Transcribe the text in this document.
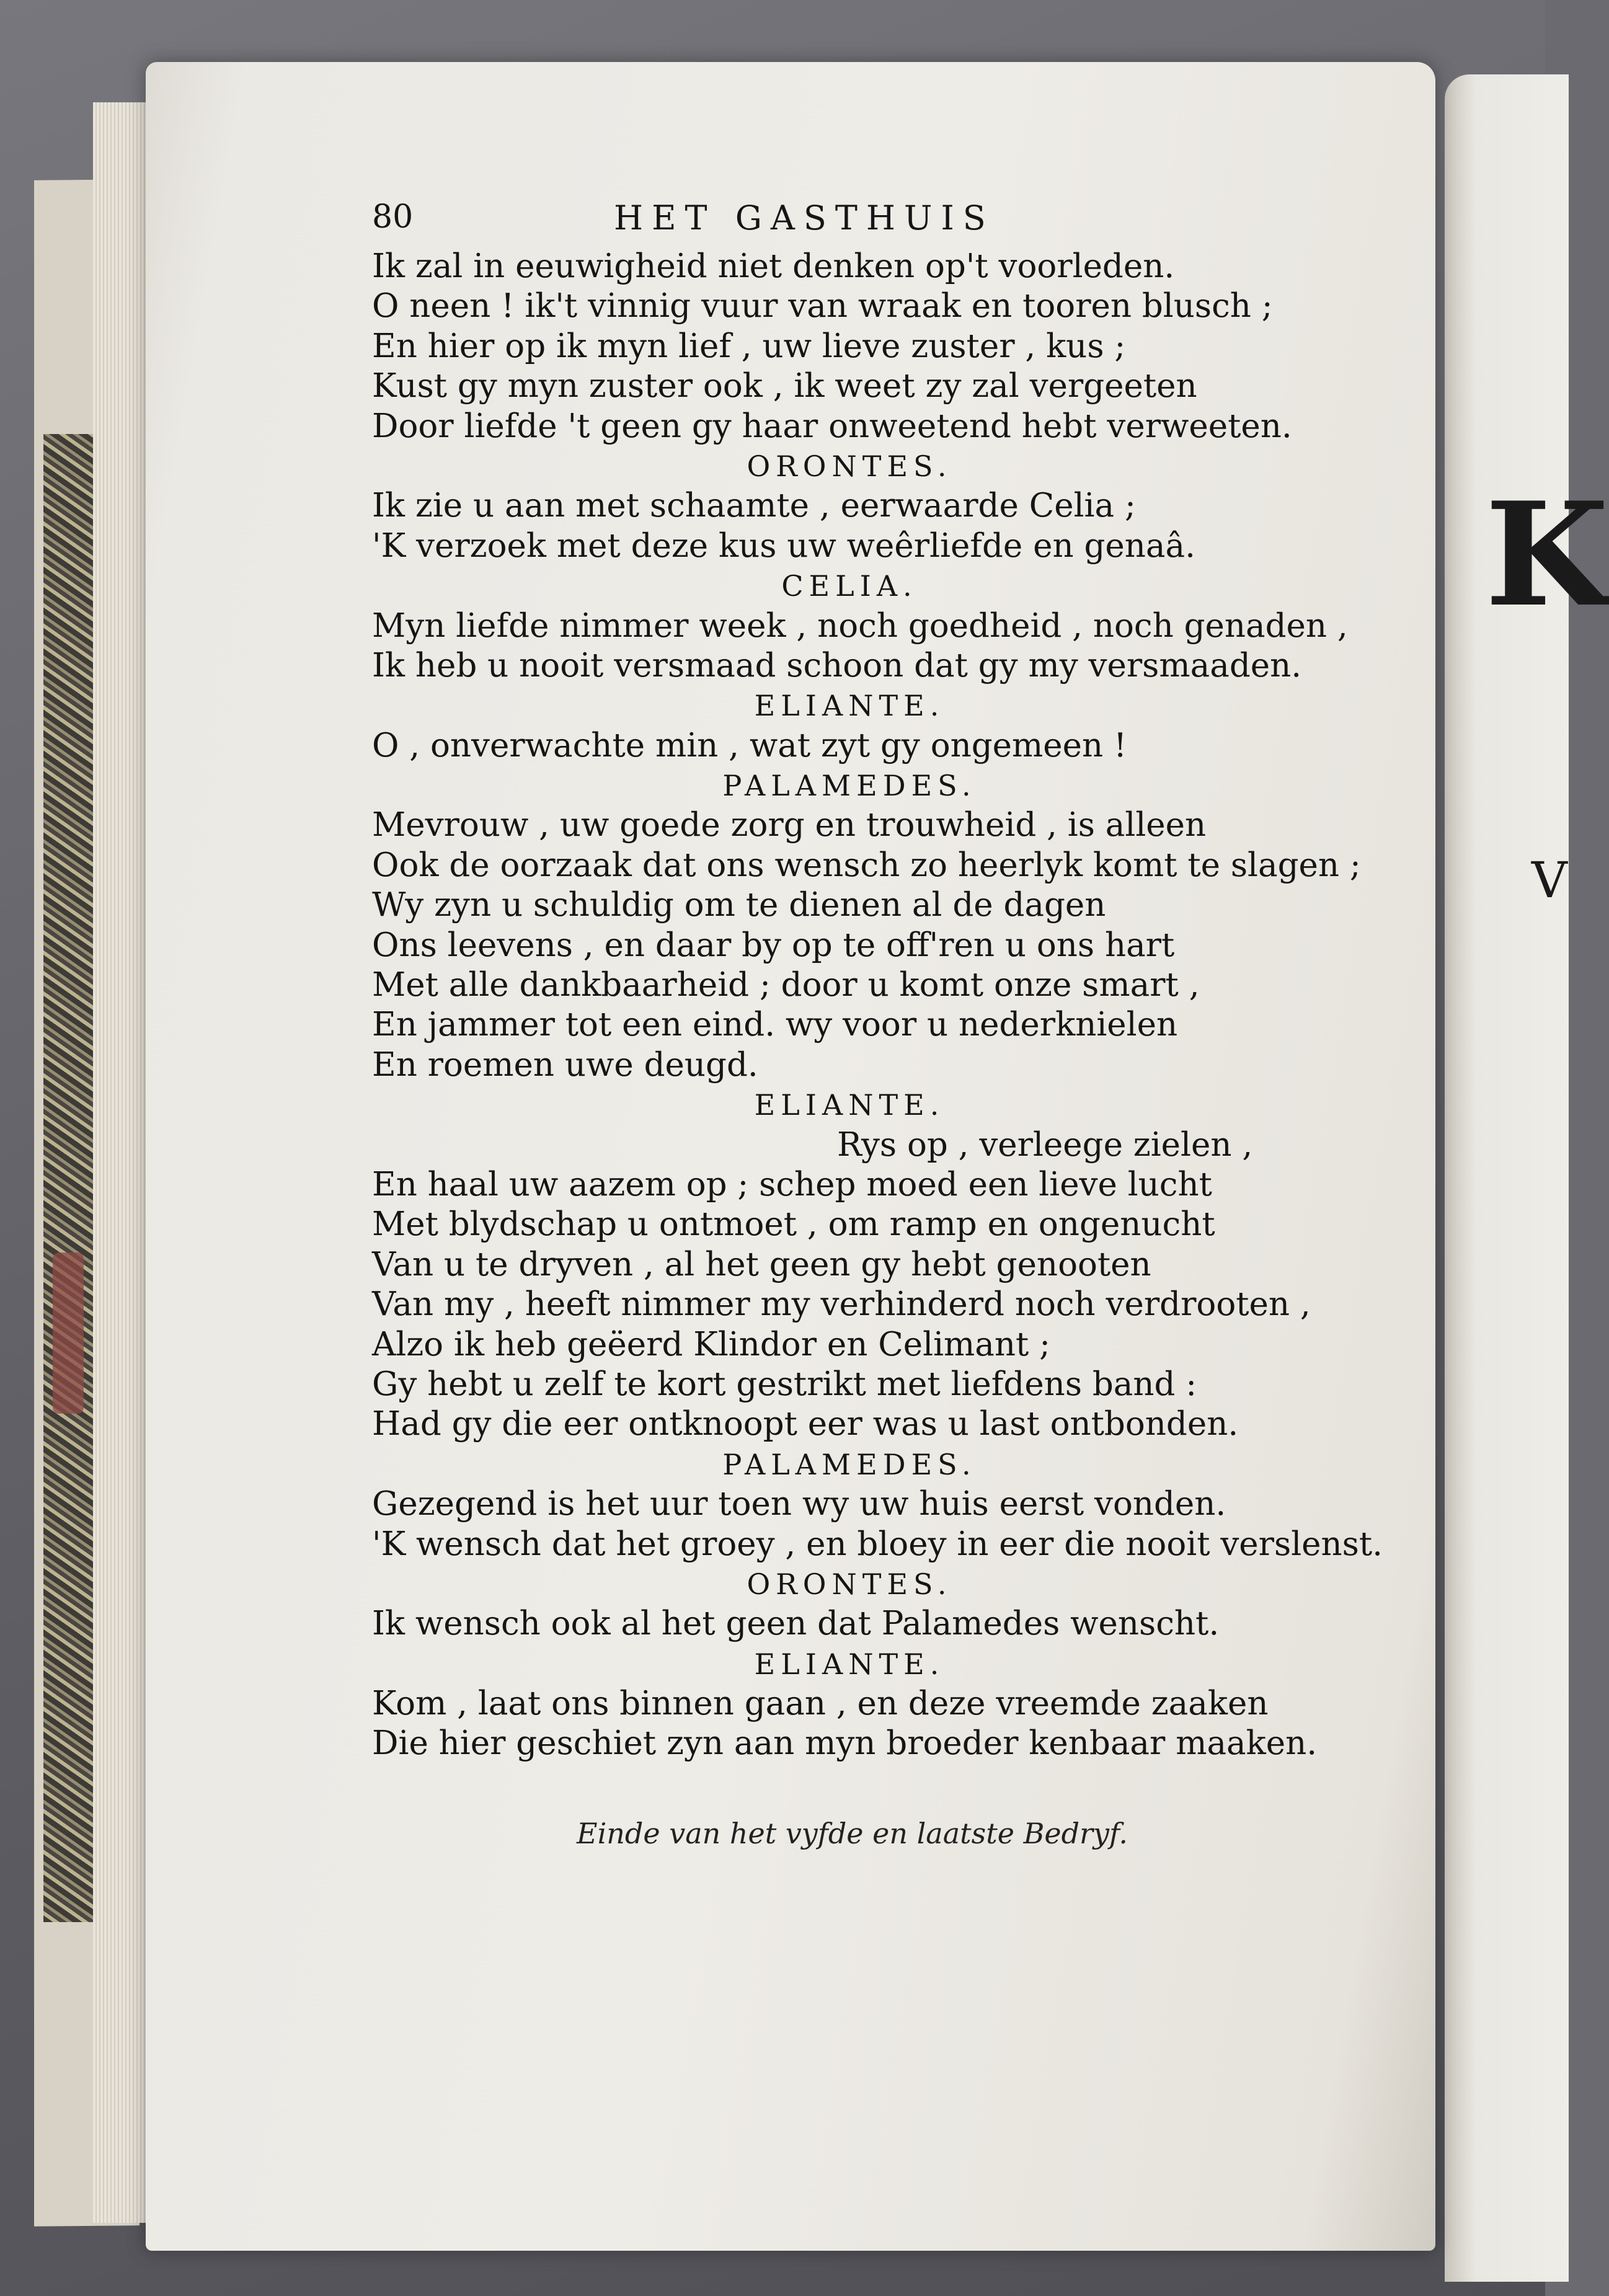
K
V
80	HET GASTHUIS
Ik zal in eeuwigheid niet denken op't voorleden.
O neen ! ik't vinnig vuur van wraak en tooren blusch ;
En hier op ik myn lief , uw lieve zuster , kus ;
Kust gy myn zuster ook , ik weet zy zal vergeeten
Door liefde 't geen gy haar onweetend hebt verweeten.
ORONTES.
Ik zie u aan met schaamte , eerwaarde Celia ;
'K verzoek met deze kus uw weêrliefde en genaâ.
CELIA.
Myn liefde nimmer week , noch goedheid , noch genaden ,
Ik heb u nooit versmaad schoon dat gy my versmaaden.
ELIANTE.
O , onverwachte min , wat zyt gy ongemeen !
PALAMEDES.
Mevrouw , uw goede zorg en trouwheid , is alleen
Ook de oorzaak dat ons wensch zo heerlyk komt te slagen ;
Wy zyn u schuldig om te dienen al de dagen
Ons leevens , en daar by op te off'ren u ons hart
Met alle dankbaarheid ; door u komt onze smart ,
En jammer tot een eind. wy voor u nederknielen
En roemen uwe deugd.
ELIANTE.
Rys op , verleege zielen ,
En haal uw aazem op ; schep moed een lieve lucht
Met blydschap u ontmoet , om ramp en ongenucht
Van u te dryven , al het geen gy hebt genooten
Van my , heeft nimmer my verhinderd noch verdrooten ,
Alzo ik heb geëerd Klindor en Celimant ;
Gy hebt u zelf te kort gestrikt met liefdens band :
Had gy die eer ontknoopt eer was u last ontbonden.
PALAMEDES.
Gezegend is het uur toen wy uw huis eerst vonden.
'K wensch dat het groey , en bloey in eer die nooit verslenst.
ORONTES.
Ik wensch ook al het geen dat Palamedes wenscht.
ELIANTE.
Kom , laat ons binnen gaan , en deze vreemde zaaken
Die hier geschiet zyn aan myn broeder kenbaar maaken.
Einde van het vyfde en laatste Bedryf.
